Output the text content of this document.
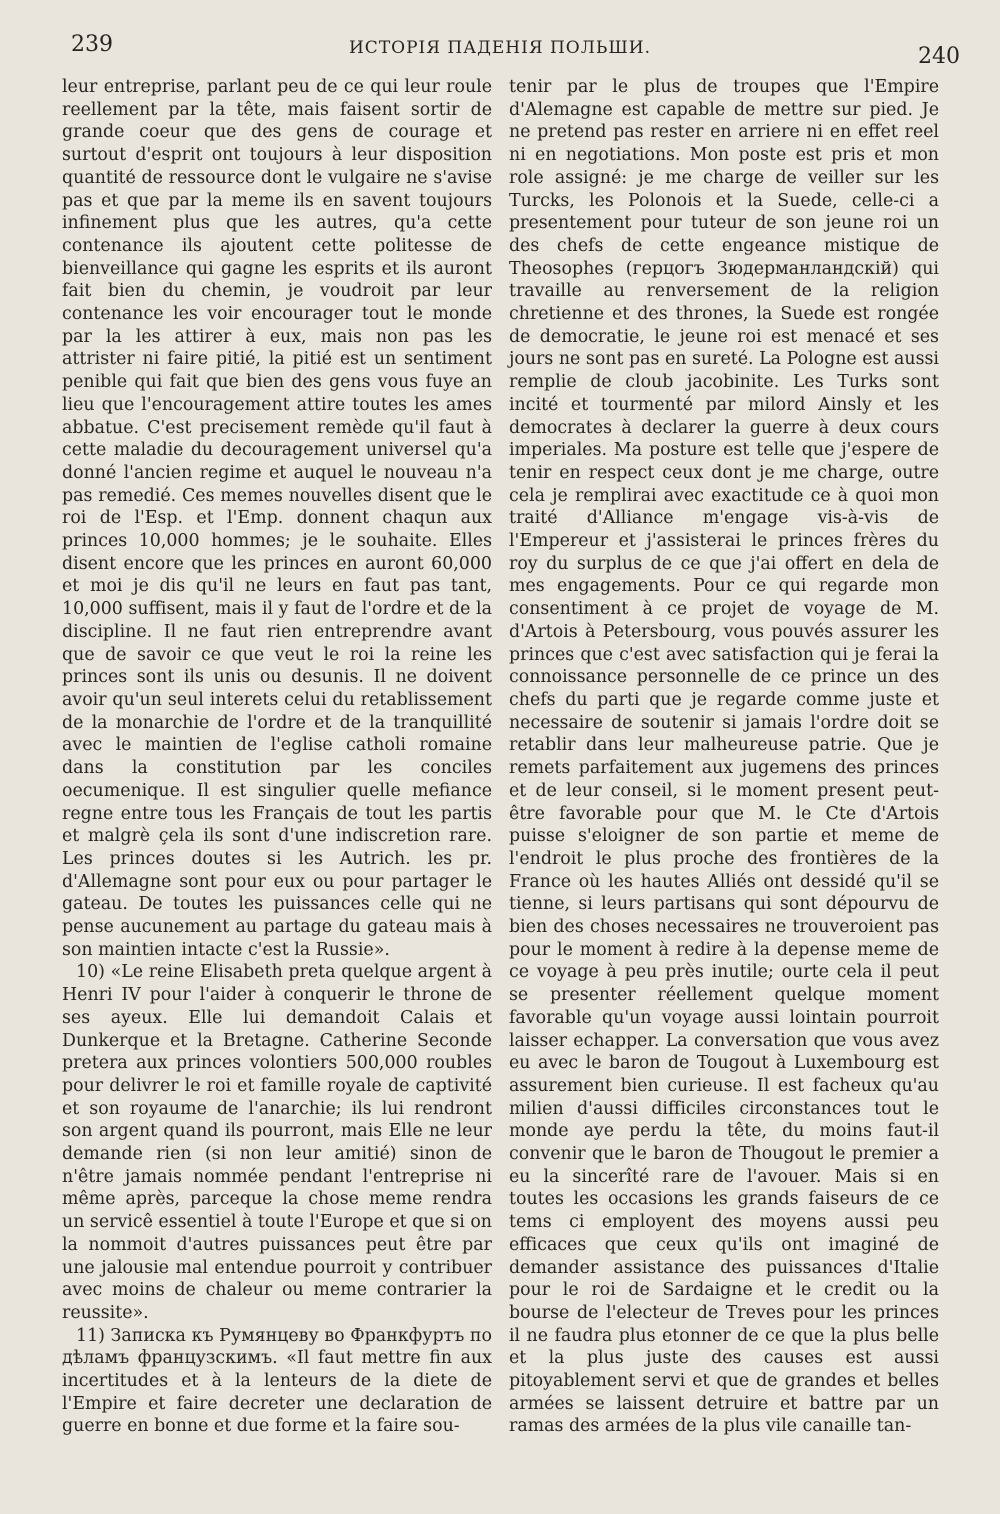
239	ИСТОРІЯ ПАДЕНІЯ ПОЛЬШИ.	240

leur entreprise, parlant peu de ce qui leur roule reellement par la tête, mais faisent sortir de grande coeur que des gens de courage et surtout d'esprit ont toujours à leur disposition quantité de ressource dont le vulgaire ne s'avise pas et que par la meme ils en savent toujours infinement plus que les autres, qu'a cette contenance ils ajoutent cette politesse de bienveillance qui gagne les esprits et ils auront fait bien du chemin, je voudroit par leur contenance les voir encourager tout le monde par la les attirer à eux, mais non pas les attrister ni faire pitié, la pitié est un sentiment penible qui fait que bien des gens vous fuye an lieu que l'encouragement attire toutes les ames abbatue. C'est precisement remède qu'il faut à cette maladie du decouragement universel qu'a donné l'ancien regime et auquel le nouveau n'a pas remedié. Ces memes nouvelles disent que le roi de l'Esp. et l'Emp. donnent chaqun aux princes 10,000 hommes; je le souhaite. Elles disent encore que les princes en auront 60,000 et moi je dis qu'il ne leurs en faut pas tant, 10,000 suffisent, mais il y faut de l'ordre et de la discipline. Il ne faut rien entreprendre avant que de savoir ce que veut le roi la reine les princes sont ils unis ou desunis. Il ne doivent avoir qu'un seul interets celui du retablissement de la monarchie de l'ordre et de la tranquillité avec le maintien de l'eglise catholi romaine dans la constitution par les conciles oecumenique. Il est singulier quelle mefiance regne entre tous les Français de tout les partis et malgrè çela ils sont d'une indiscretion rare. Les princes doutes si les Autrich. les pr. d'Allemagne sont pour eux ou pour partager le gateau. De toutes les puissances celle qui ne pense aucunement au partage du gateau mais à son maintien intacte c'est la Russie».

10) «Le reine Elisabeth preta quelque argent à Henri IV pour l'aider à conquerir le throne de ses ayeux. Elle lui demandoit Calais et Dunkerque et la Bretagne. Catherine Seconde pretera aux princes volontiers 500,000 roubles pour delivrer le roi et famille royale de captivité et son royaume de l'anarchie; ils lui rendront son argent quand ils pourront, mais Elle ne leur demande rien (si non leur amitié) sinon de n'être jamais nommée pendant l'entreprise ni même après, parceque la chose meme rendra un servicê essentiel à toute l'Europe et que si on la nommoit d'autres puissances peut être par une jalousie mal entendue pourroit y contribuer avec moins de chaleur ou meme contrarier la reussite».

11) Записка къ Румянцеву во Франкфуртъ по дѣламъ французскимъ. «Il faut mettre fin aux incertitudes et à la lenteurs de la diete de l'Empire et faire decreter une declaration de guerre en bonne et due forme et la faire sou-

tenir par le plus de troupes que l'Empire d'Alemagne est capable de mettre sur pied. Je ne pretend pas rester en arriere ni en effet reel ni en negotiations. Mon poste est pris et mon role assigné: je me charge de veiller sur les Turcks, les Polonois et la Suede, celle-ci a presentement pour tuteur de son jeune roi un des chefs de cette engeance mistique de Theosophes (герцогъ Зюдерманландскій) qui travaille au renversement de la religion chretienne et des thrones, la Suede est rongée de democratie, le jeune roi est menacé et ses jours ne sont pas en sureté. La Pologne est aussi remplie de cloub jacobinite. Les Turks sont incité et tourmenté par milord Ainsly et les democrates à declarer la guerre à deux cours imperiales. Ma posture est telle que j'espere de tenir en respect ceux dont je me charge, outre cela je remplirai avec exactitude ce à quoi mon traité d'Alliance m'engage vis-à-vis de l'Empereur et j'assisterai le princes frères du roy du surplus de ce que j'ai offert en dela de mes engagements. Pour ce qui regarde mon consentiment à ce projet de voyage de M. d'Artois à Petersbourg, vous pouvés assurer les princes que c'est avec satisfaction qui je ferai la connoissance personnelle de ce prince un des chefs du parti que je regarde comme juste et necessaire de soutenir si jamais l'ordre doit se retablir dans leur malheureuse patrie. Que je remets parfaitement aux jugemens des princes et de leur conseil, si le moment present peut-être favorable pour que M. le Cte d'Artois puisse s'eloigner de son partie et meme de l'endroit le plus proche des frontières de la France où les hautes Alliés ont dessidé qu'il se tienne, si leurs partisans qui sont dépourvu de bien des choses necessaires ne trouveroient pas pour le moment à redire à la depense meme de ce voyage à peu près inutile; ourte cela il peut se presenter réellement quelque moment favorable qu'un voyage aussi lointain pourroit laisser echapper. La conversation que vous avez eu avec le baron de Tougout à Luxembourg est assurement bien curieuse. Il est facheux qu'au milien d'aussi difficiles circonstances tout le monde aye perdu la tête, du moins faut-il convenir que le baron de Thougout le premier a eu la sincerîté rare de l'avouer. Mais si en toutes les occasions les grands faiseurs de ce tems ci employent des moyens aussi peu efficaces que ceux qu'ils ont imaginé de demander assistance des puissances d'Italie pour le roi de Sardaigne et le credit ou la bourse de l'electeur de Treves pour les princes il ne faudra plus etonner de ce que la plus belle et la plus juste des causes est aussi pitoyablement servi et que de grandes et belles armées se laissent detruire et battre par un ramas des armées de la plus vile canaille tan-
